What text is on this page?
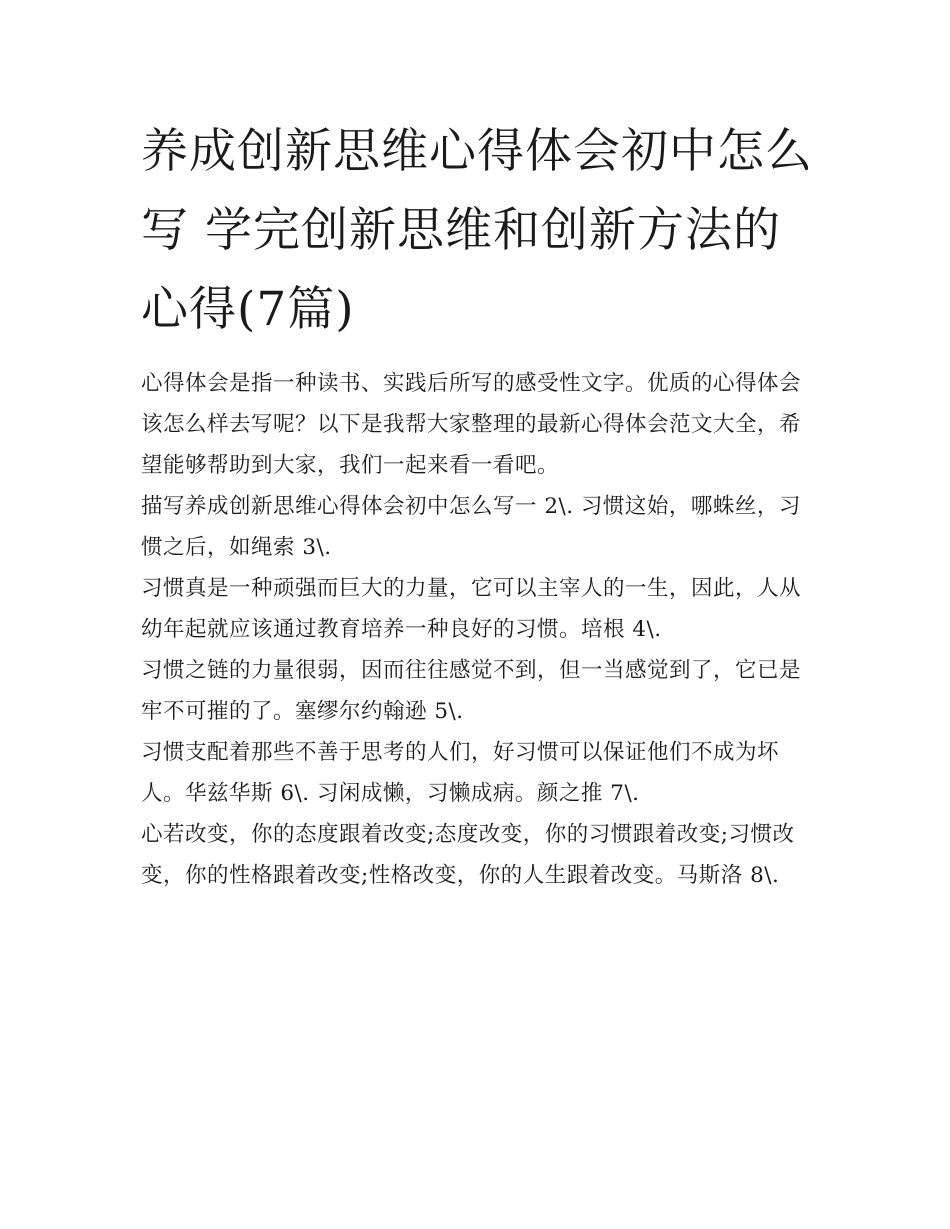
养成创新思维心得体会初中怎么写 学完创新思维和创新方法的心得(7篇)

心得体会是指一种读书、实践后所写的感受性文字。优质的心得体会该怎么样去写呢？以下是我帮大家整理的最新心得体会范文大全，希望能够帮助到大家，我们一起来看一看吧。

描写养成创新思维心得体会初中怎么写一 2\. 习惯这始，哪蛛丝，习惯之后，如绳索 3\.

习惯真是一种顽强而巨大的力量，它可以主宰人的一生，因此，人从幼年起就应该通过教育培养一种良好的习惯。培根 4\.

习惯之链的力量很弱，因而往往感觉不到，但一当感觉到了，它已是牢不可摧的了。塞缪尔约翰逊 5\.

习惯支配着那些不善于思考的人们，好习惯可以保证他们不成为坏人。华兹华斯 6\. 习闲成懒，习懒成病。颜之推 7\.

心若改变，你的态度跟着改变;态度改变，你的习惯跟着改变;习惯改变，你的性格跟着改变;性格改变，你的人生跟着改变。马斯洛 8\.
